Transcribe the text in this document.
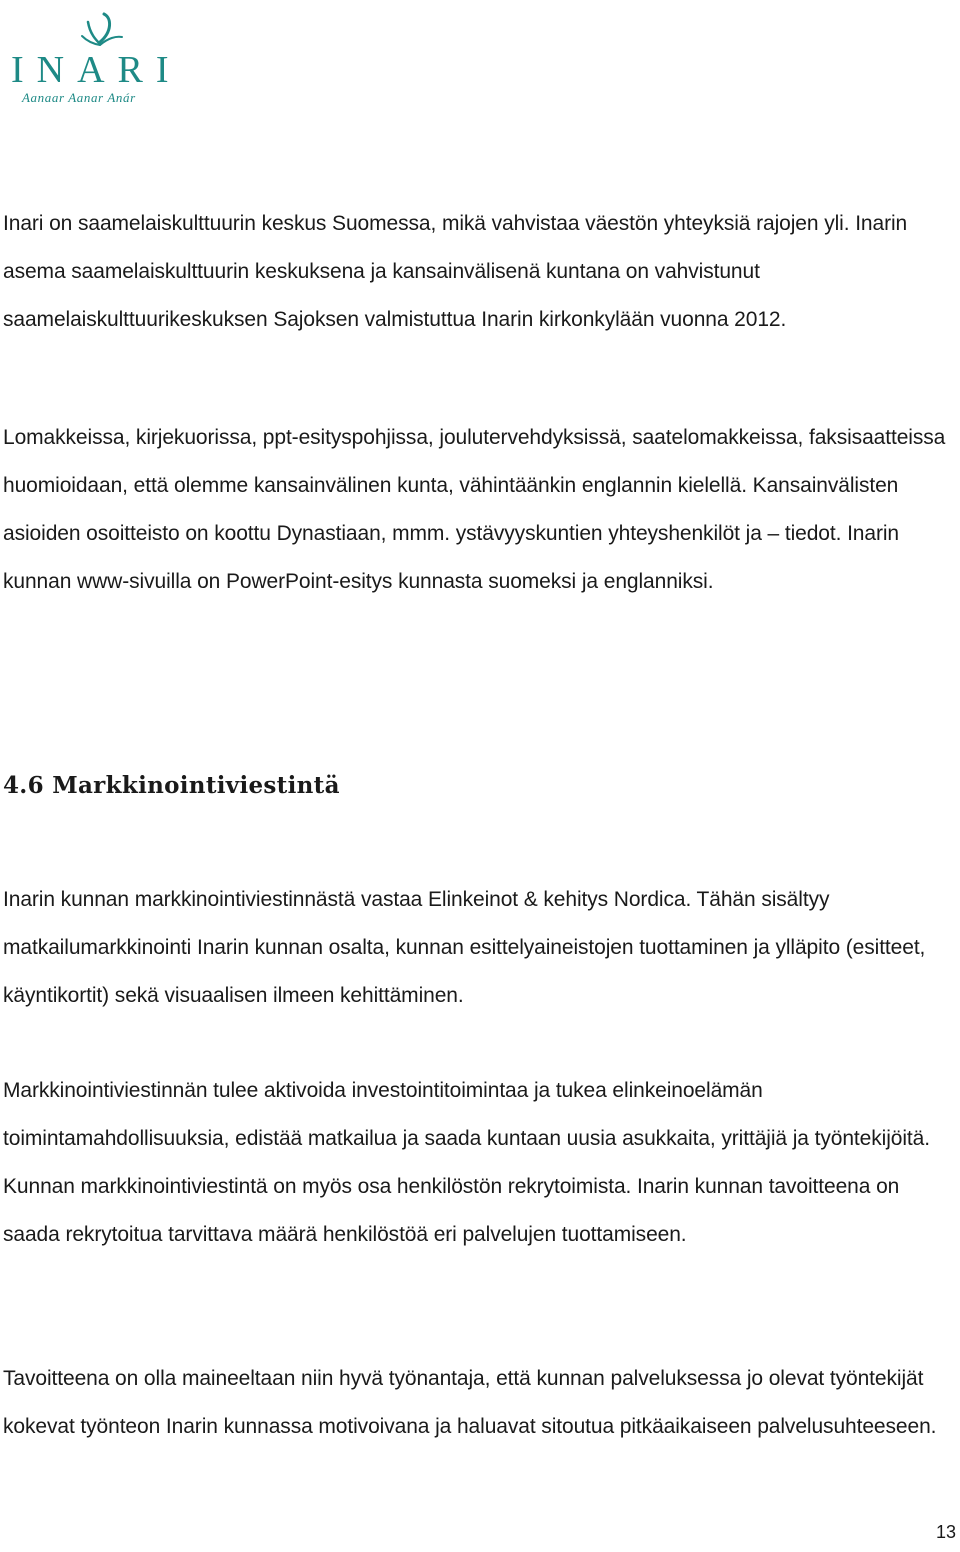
INARI
Aanaar Aanar Anár

Inari on saamelaiskulttuurin keskus Suomessa, mikä vahvistaa väestön yhteyksiä rajojen yli. Inarin asema saamelaiskulttuurin keskuksena ja kansainvälisenä kuntana on vahvistunut saamelaiskulttuurikeskuksen Sajoksen valmistuttua Inarin kirkonkylään vuonna 2012.

Lomakkeissa, kirjekuorissa, ppt-esityspohjissa, joulutervehdyksissä, saatelomakkeissa, faksisaatteissa huomioidaan, että olemme kansainvälinen kunta, vähintäänkin englannin kielellä. Kansainvälisten asioiden osoitteisto on koottu Dynastiaan, mmm. ystävyyskuntien yhteyshenkilöt ja – tiedot. Inarin kunnan www-sivuilla on PowerPoint-esitys kunnasta suomeksi ja englanniksi.

4.6 Markkinointiviestintä

Inarin kunnan markkinointiviestinnästä vastaa Elinkeinot & kehitys Nordica. Tähän sisältyy matkailumarkkinointi Inarin kunnan osalta, kunnan esittelyaineistojen tuottaminen ja ylläpito (esitteet, käyntikortit) sekä visuaalisen ilmeen kehittäminen.

Markkinointiviestinnän tulee aktivoida investointitoimintaa ja tukea elinkeinoelämän toimintamahdollisuuksia, edistää matkailua ja saada kuntaan uusia asukkaita, yrittäjiä ja työntekijöitä. Kunnan markkinointiviestintä on myös osa henkilöstön rekrytoimista. Inarin kunnan tavoitteena on saada rekrytoitua tarvittava määrä henkilöstöä eri palvelujen tuottamiseen.

Tavoitteena on olla maineeltaan niin hyvä työnantaja, että kunnan palveluksessa jo olevat työntekijät kokevat työnteon Inarin kunnassa motivoivana ja haluavat sitoutua pitkäaikaiseen palvelusuhteeseen.

13
